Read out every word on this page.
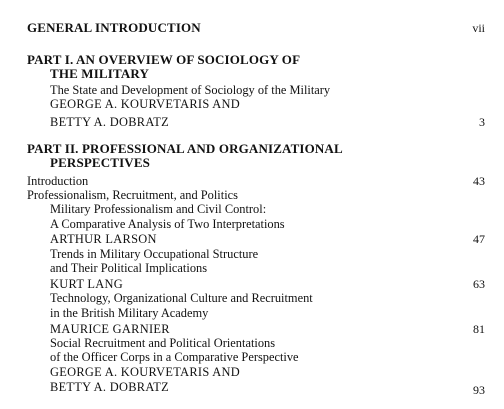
GENERAL INTRODUCTION	vii
PART I. AN OVERVIEW OF SOCIOLOGY OF
THE MILITARY
The State and Development of Sociology of the Military
GEORGE A. KOURVETARIS AND
BETTY A. DOBRATZ	3
PART II. PROFESSIONAL AND ORGANIZATIONAL
PERSPECTIVES
Introduction	43
Professionalism, Recruitment, and Politics
Military Professionalism and Civil Control:
A Comparative Analysis of Two Interpretations
ARTHUR LARSON	47
Trends in Military Occupational Structure
and Their Political Implications
KURT LANG	63
Technology, Organizational Culture and Recruitment
in the British Military Academy
MAURICE GARNIER	81
Social Recruitment and Political Orientations
of the Officer Corps in a Comparative Perspective
GEORGE A. KOURVETARIS AND
BETTY A. DOBRATZ	93
